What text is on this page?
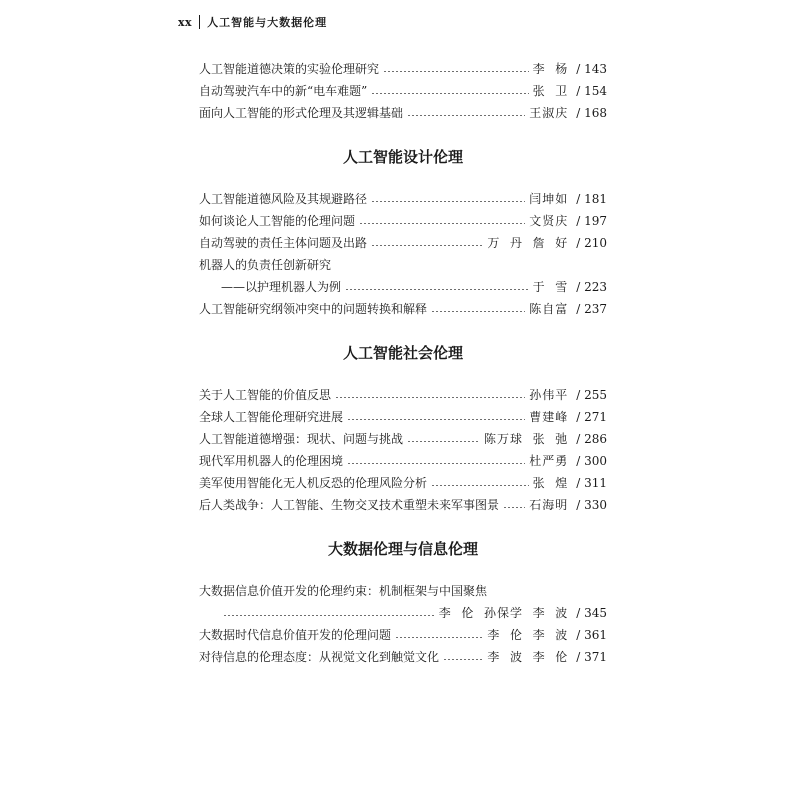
xx 人工智能与大数据伦理
人工智能道德决策的实验伦理研究	李  杨 / 143
自动驾驶汽车中的新“电车难题”	张  卫 / 154
面向人工智能的形式伦理及其逻辑基础	王淑庆 / 168
人工智能设计伦理
人工智能道德风险及其规避路径	闫坤如 / 181
如何谈论人工智能的伦理问题	文贤庆 / 197
自动驾驶的责任主体问题及出路	万  丹  詹  好 / 210
机器人的负责任创新研究
——以护理机器人为例	于  雪 / 223
人工智能研究纲领冲突中的问题转换和解释	陈自富 / 237
人工智能社会伦理
关于人工智能的价值反思	孙伟平 / 255
全球人工智能伦理研究进展	曹建峰 / 271
人工智能道德增强：现状、问题与挑战	陈万球  张  弛 / 286
现代军用机器人的伦理困境	杜严勇 / 300
美军使用智能化无人机反恐的伦理风险分析	张  煌 / 311
后人类战争：人工智能、生物交叉技术重塑未来军事图景	石海明 / 330
大数据伦理与信息伦理
大数据信息价值开发的伦理约束：机制框架与中国聚焦
李  伦  孙保学  李  波 / 345
大数据时代信息价值开发的伦理问题	李  伦  李  波 / 361
对待信息的伦理态度：从视觉文化到触觉文化	李  波  李  伦 / 371
